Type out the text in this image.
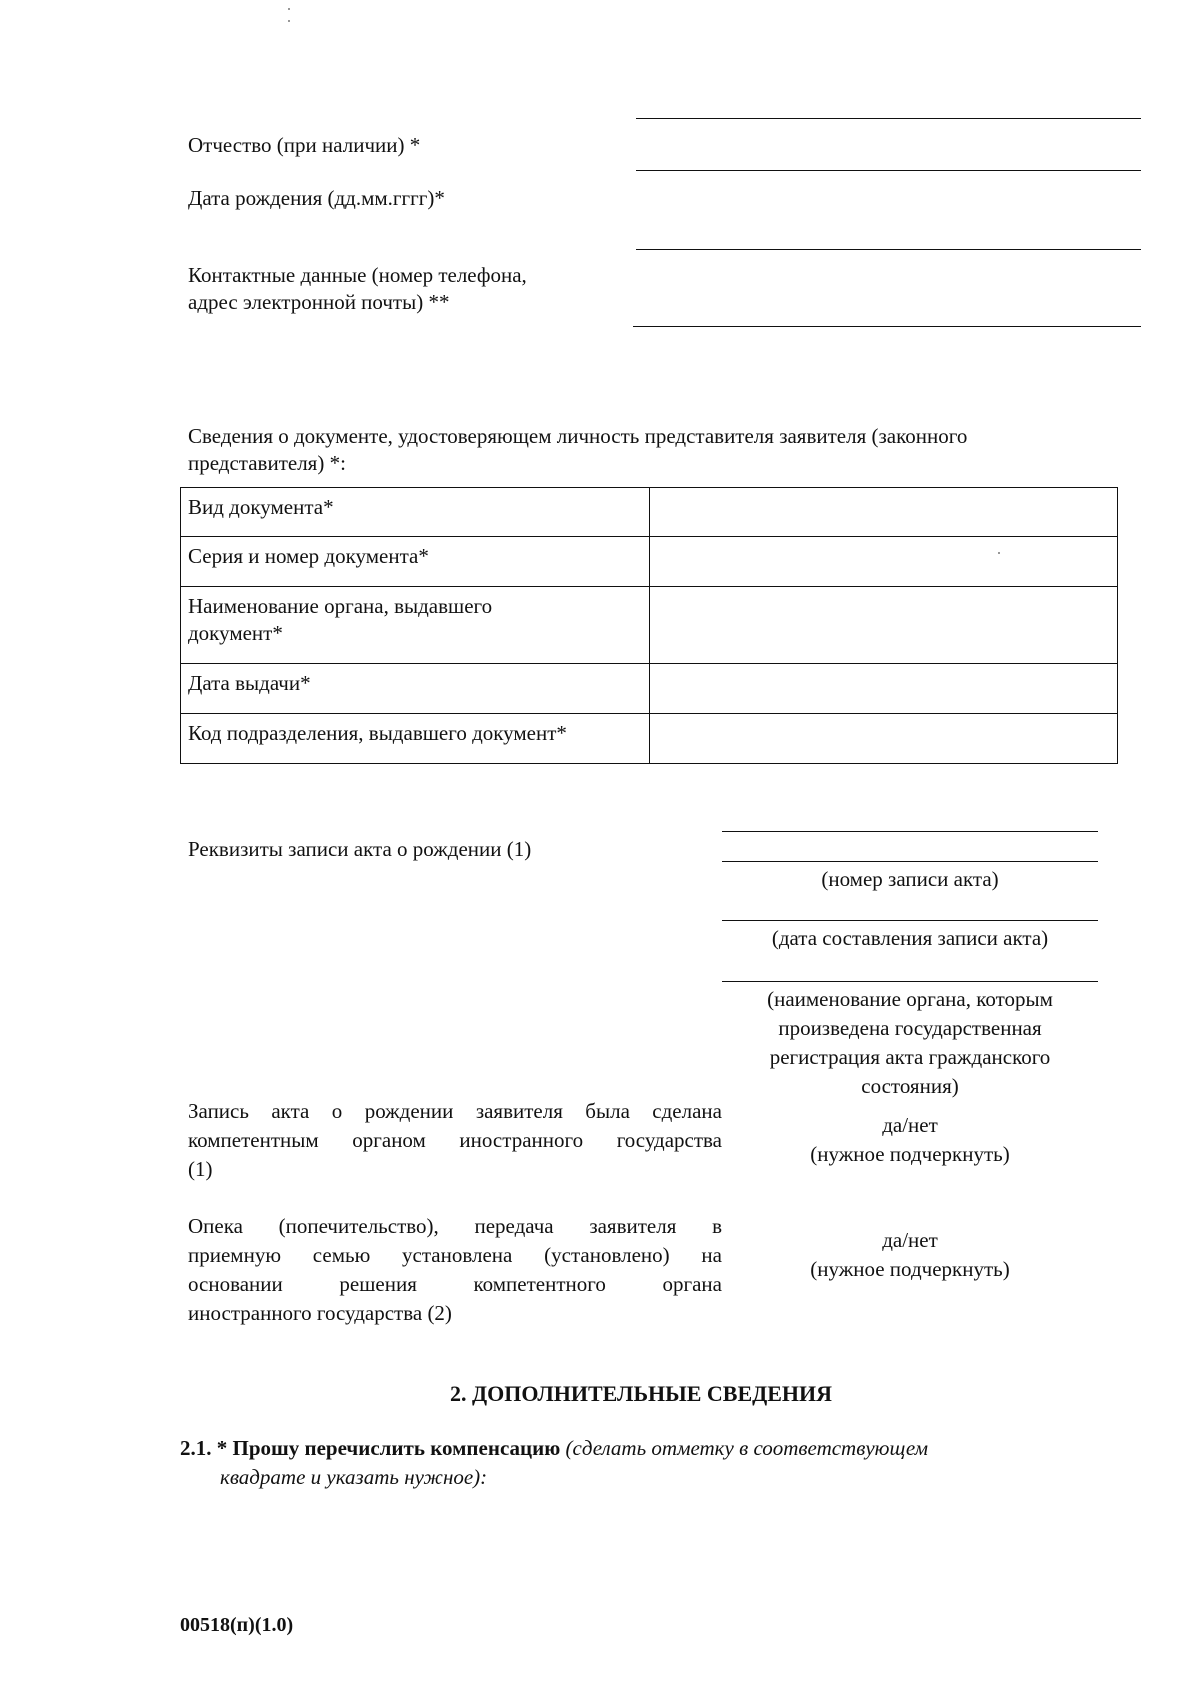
Отчество (при наличии) *
Дата рождения (дд.мм.гггг)*
Контактные данные (номер телефона,
адрес электронной почты) **
Сведения о документе, удостоверяющем личность представителя заявителя (законного
представителя) *:
Вид документа*	
Серия и номер документа*	

Наименование органа, выдавшего
документ*	

Дата выдачи*	
Код подразделения, выдавшего документ*	
Реквизиты записи акта о рождении (1)
(номер записи акта)
(дата составления записи акта)
(наименование органа, которым
произведена государственная
регистрация акта гражданского
состояния)
Запись акта о рождении заявителя была сделана
компетентным органом иностранного государства
(1)
да/нет
(нужное подчеркнуть)
Опека (попечительство), передача заявителя в
приемную семью установлена (установлено) на
основании решения компетентного органа
иностранного государства (2)
да/нет
(нужное подчеркнуть)
2. ДОПОЛНИТЕЛЬНЫЕ СВЕДЕНИЯ
2.1. * Прошу перечислить компенсацию (сделать отметку в соответствующем
квадрате и указать нужное):
00518(п)(1.0)
